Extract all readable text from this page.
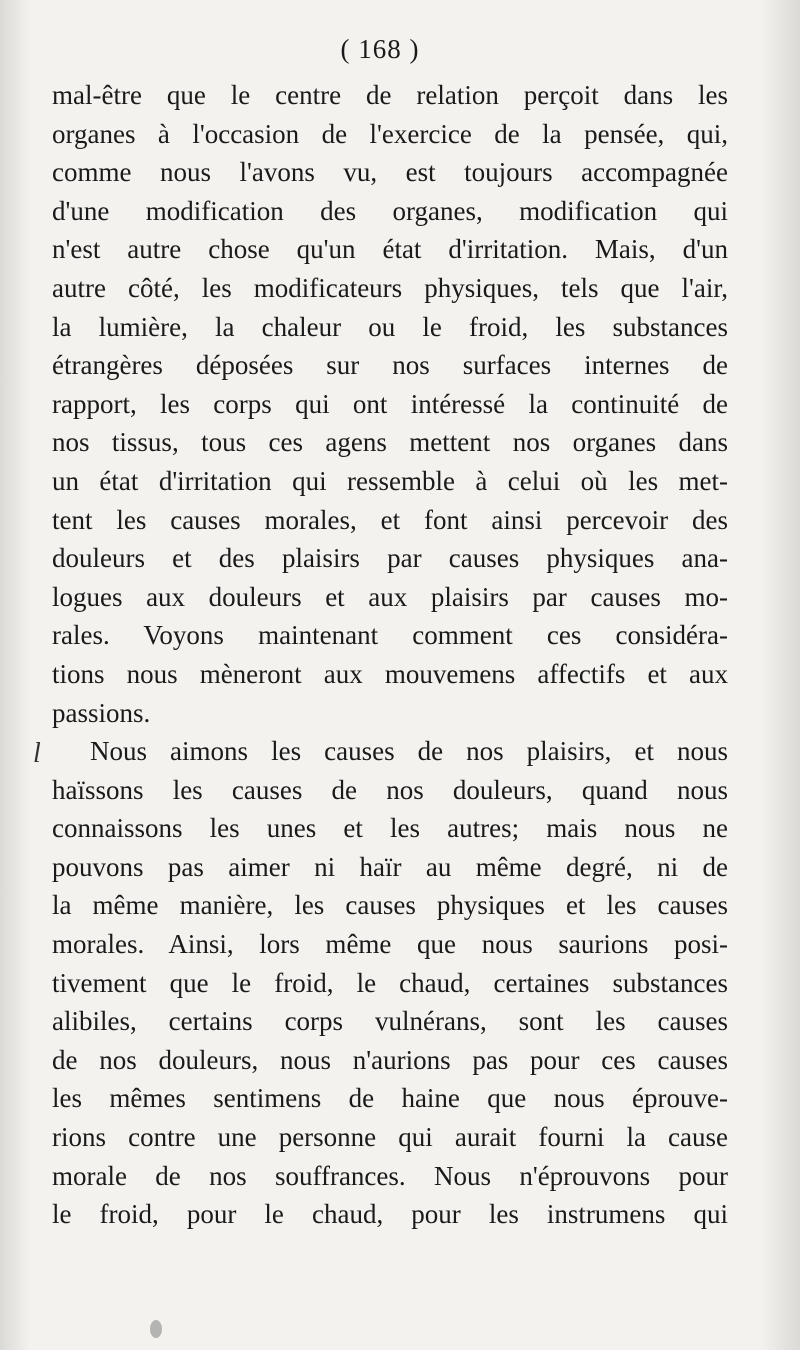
( 168 )
l
mal-être que le centre de relation perçoit dans les
organes à l'occasion de l'exercice de la pensée, qui,
comme nous l'avons vu, est toujours accompagnée
d'une modification des organes, modification qui
n'est autre chose qu'un état d'irritation. Mais, d'un
autre côté, les modificateurs physiques, tels que l'air,
la lumière, la chaleur ou le froid, les substances
étrangères déposées sur nos surfaces internes de
rapport, les corps qui ont intéressé la continuité de
nos tissus, tous ces agens mettent nos organes dans
un état d'irritation qui ressemble à celui où les met-
tent les causes morales, et font ainsi percevoir des
douleurs et des plaisirs par causes physiques ana-
logues aux douleurs et aux plaisirs par causes mo-
rales. Voyons maintenant comment ces considéra-
tions nous mèneront aux mouvemens affectifs et aux
passions.
Nous aimons les causes de nos plaisirs, et nous
haïssons les causes de nos douleurs, quand nous
connaissons les unes et les autres; mais nous ne
pouvons pas aimer ni haïr au même degré, ni de
la même manière, les causes physiques et les causes
morales. Ainsi, lors même que nous saurions posi-
tivement que le froid, le chaud, certaines substances
alibiles, certains corps vulnérans, sont les causes
de nos douleurs, nous n'aurions pas pour ces causes
les mêmes sentimens de haine que nous éprouve-
rions contre une personne qui aurait fourni la cause
morale de nos souffrances. Nous n'éprouvons pour
le froid, pour le chaud, pour les instrumens qui
